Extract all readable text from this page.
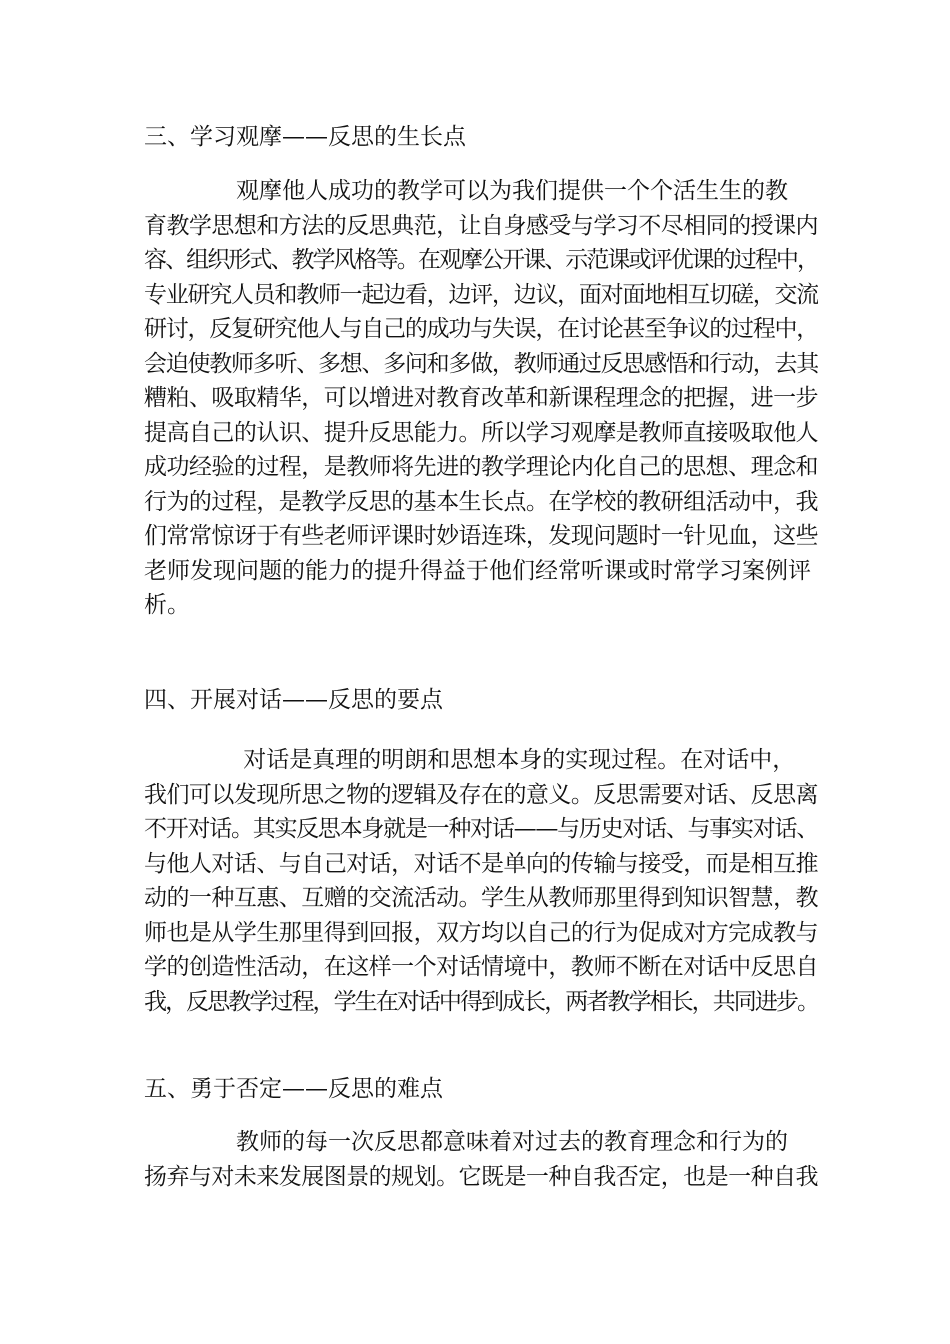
三、学习观摩——反思的生长点
　　　　观摩他人成功的教学可以为我们提供一个个活生生的教
育教学思想和方法的反思典范，让自身感受与学习不尽相同的授课内
容、组织形式、教学风格等。在观摩公开课、示范课或评优课的过程中，
专业研究人员和教师一起边看，边评，边议，面对面地相互切磋，交流
研讨，反复研究他人与自己的成功与失误，在讨论甚至争议的过程中，
会迫使教师多听、多想、多问和多做，教师通过反思感悟和行动，去其
糟粕、吸取精华，可以增进对教育改革和新课程理念的把握，进一步
提高自己的认识、提升反思能力。所以学习观摩是教师直接吸取他人
成功经验的过程，是教师将先进的教学理论内化自己的思想、理念和
行为的过程，是教学反思的基本生长点。在学校的教研组活动中，我
们常常惊讶于有些老师评课时妙语连珠，发现问题时一针见血，这些
老师发现问题的能力的提升得益于他们经常听课或时常学习案例评
析。
四、开展对话——反思的要点
　　　　 对话是真理的明朗和思想本身的实现过程。在对话中，
我们可以发现所思之物的逻辑及存在的意义。反思需要对话、反思离
不开对话。其实反思本身就是一种对话——与历史对话、与事实对话、
与他人对话、与自己对话，对话不是单向的传输与接受，而是相互推
动的一种互惠、互赠的交流活动。学生从教师那里得到知识智慧，教
师也是从学生那里得到回报，双方均以自己的行为促成对方完成教与
学的创造性活动，在这样一个对话情境中，教师不断在对话中反思自
我，反思教学过程，学生在对话中得到成长，两者教学相长，共同进步。
五、勇于否定——反思的难点
　　　　教师的每一次反思都意味着对过去的教育理念和行为的
扬弃与对未来发展图景的规划。它既是一种自我否定，也是一种自我
